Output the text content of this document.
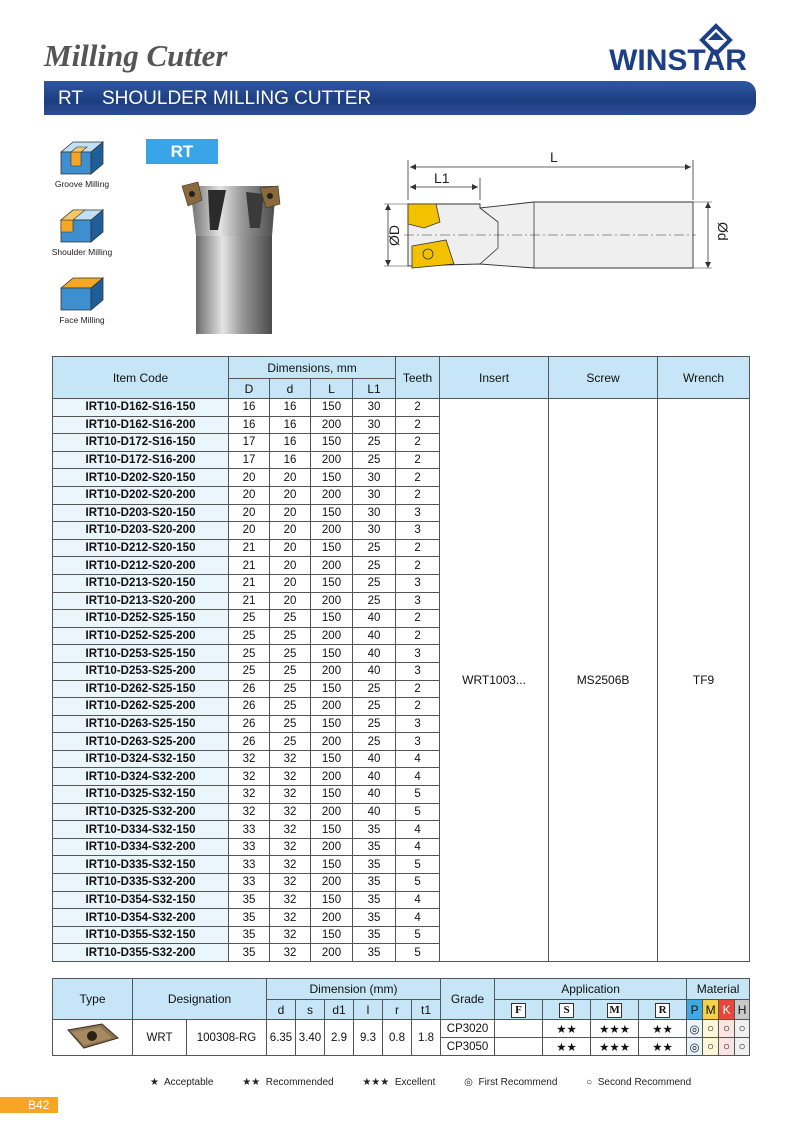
Milling Cutter	WINSTAR
RT SHOULDER MILLING CUTTER
Groove Milling
Shoulder Milling
Face Milling
RT	L
L1
ØD	Ød
Item Code	Dimensions, mm				Teeth	Insert	Screw	Wrench
	D	d	L	L1				
IRT10-D162-S16-150	16	16	150	30	2	WRT1003...	MS2506B	TF9
IRT10-D162-S16-200	16	16	200	30	2			
IRT10-D172-S16-150	17	16	150	25	2			
IRT10-D172-S16-200	17	16	200	25	2			
IRT10-D202-S20-150	20	20	150	30	2			
IRT10-D202-S20-200	20	20	200	30	2			
IRT10-D203-S20-150	20	20	150	30	3			
IRT10-D203-S20-200	20	20	200	30	3			
IRT10-D212-S20-150	21	20	150	25	2			
IRT10-D212-S20-200	21	20	200	25	2			
IRT10-D213-S20-150	21	20	150	25	3			
IRT10-D213-S20-200	21	20	200	25	3			
IRT10-D252-S25-150	25	25	150	40	2			
IRT10-D252-S25-200	25	25	200	40	2			
IRT10-D253-S25-150	25	25	150	40	3			
IRT10-D253-S25-200	25	25	200	40	3			
IRT10-D262-S25-150	26	25	150	25	2			
IRT10-D262-S25-200	26	25	200	25	2			
IRT10-D263-S25-150	26	25	150	25	3			
IRT10-D263-S25-200	26	25	200	25	3			
IRT10-D324-S32-150	32	32	150	40	4			
IRT10-D324-S32-200	32	32	200	40	4			
IRT10-D325-S32-150	32	32	150	40	5			
IRT10-D325-S32-200	32	32	200	40	5			
IRT10-D334-S32-150	33	32	150	35	4			
IRT10-D334-S32-200	33	32	200	35	4			
IRT10-D335-S32-150	33	32	150	35	5			
IRT10-D335-S32-200	33	32	200	35	5			
IRT10-D354-S32-150	35	32	150	35	4			
IRT10-D354-S32-200	35	32	200	35	4			
IRT10-D355-S32-150	35	32	150	35	5			
IRT10-D355-S32-200	35	32	200	35	5			
Type	Designation		Dimension (mm)						Grade	Application				Material			
			d	s	d1	l	r	t1		F	S	M	R	P	M	K	H
	WRT	100308-RG	6.35	3.40	2.9	9.3	0.8	1.8	CP3020		★★	★★★	★★	◎	○	○	○
									CP3050		★★	★★★	★★	◎	○	○	○
★ Acceptable	★★ Recommended	★★★ Excellent	◎ First Recommend	○ Second Recommend
B42
